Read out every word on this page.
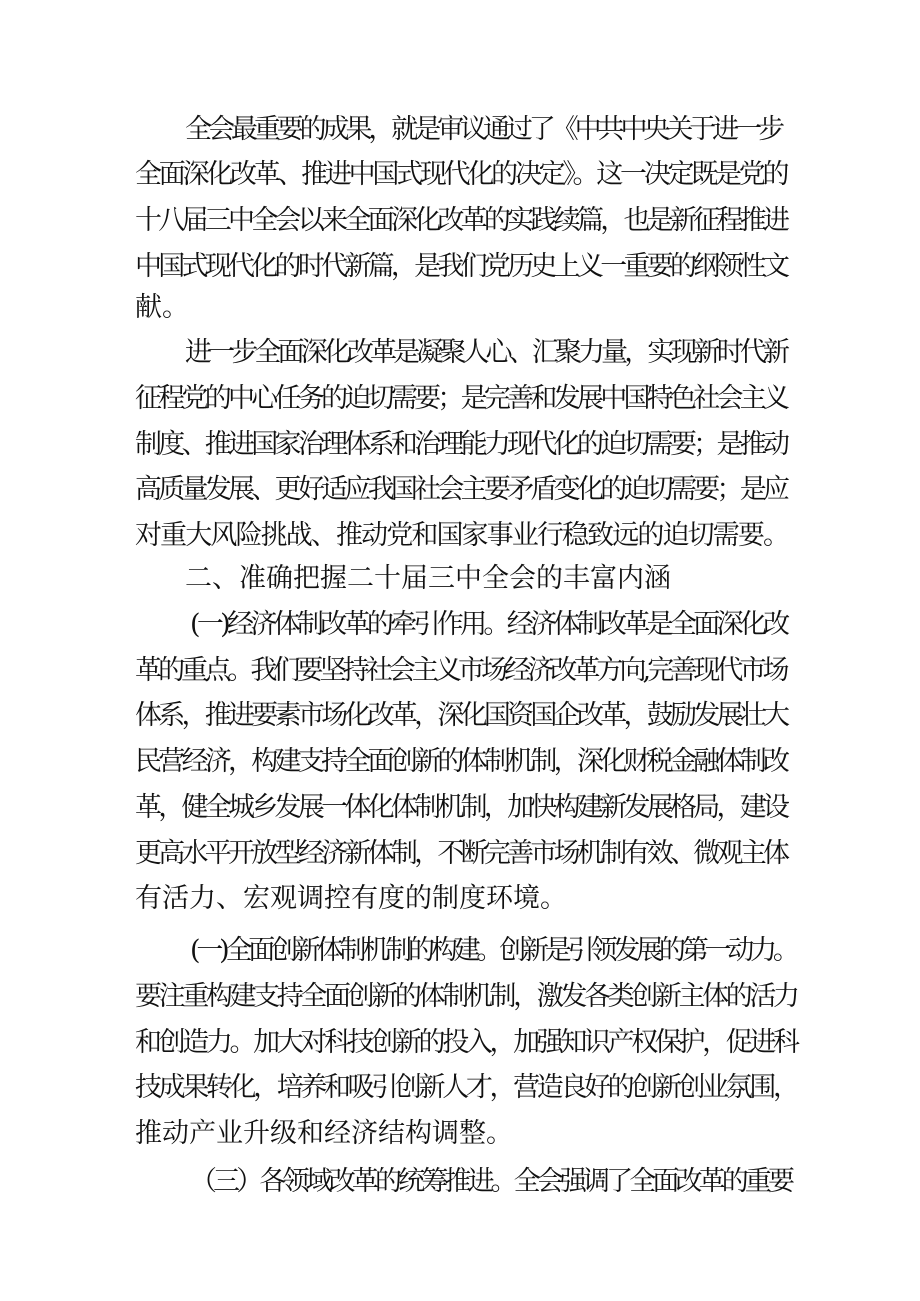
全会最重要的成果，就是审议通过了《中共中央关于进一步
全面深化改革、推进中国式现代化的决定》。这一决定既是党的
十八届三中全会以来全面深化改革的实践续篇，也是新征程推进
中国式现代化的时代新篇，是我们党历史上义一重要的纲领性文
献。
进一步全面深化改革是凝聚人心、汇聚力量，实现新时代新
征程党的中心任务的迫切需要；是完善和发展中国特色社会主义
制度、推进国家治理体系和治理能力现代化的迫切需要；是推动
高质量发展、更好适应我国社会主要矛盾变化的迫切需要；是应
对重大风险挑战、推动党和国家事业行稳致远的迫切需要。
二、准确把握二十届三中全会的丰富内涵
(一)经济体制改革的牵引作用。经济体制改革是全面深化改
革的重点。我们要坚持社会主义市场经济改革方向,完善现代市场
体系，推进要素市场化改革，深化国资国企改革，鼓励发展壮大
民营经济，构建支持全面创新的体制机制，深化财税金融体制改
革，健全城乡发展一体化体制机制，加快构建新发展格局，建设
更高水平开放型经济新体制，不断完善市场机制有效、微观主体
有活力、宏观调控有度的制度环境。
(一)全面创新体制机制的构建。创新是引领发展的第一动力。
要注重构建支持全面创新的体制机制，激发各类创新主体的活力
和创造力。加大对科技创新的投入，加强知识产权保护，促进科
技成果转化，培养和吸引创新人才，营造良好的创新创业氛围，
推动产业升级和经济结构调整。
（三）各领域改革的统筹推进。全会强调了全面改革的重要
